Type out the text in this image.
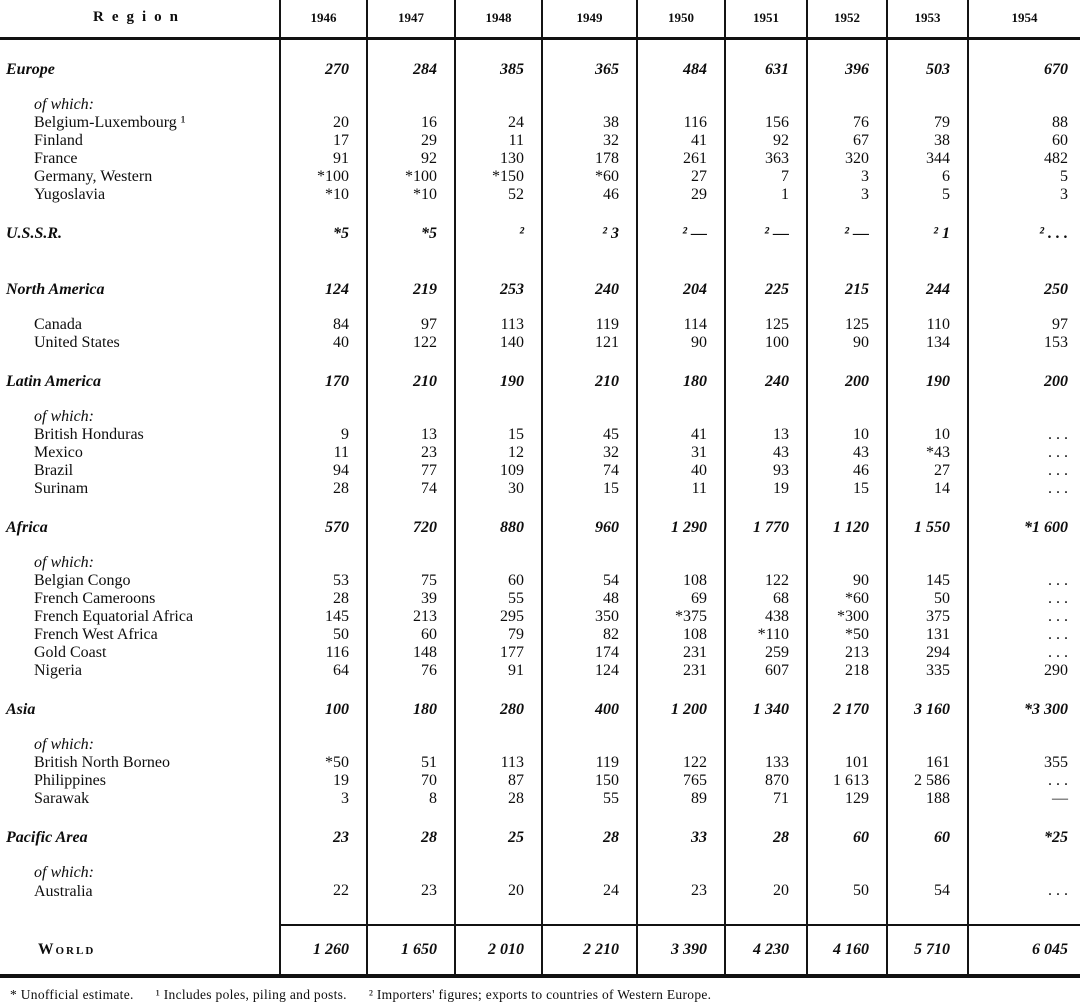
Region	1946	1947	1948	1949	1950	1951	1952	1953	1954
Europe	270	284	385	365	484	631	396	503	670
of which:									
Belgium-Luxembourg ¹	20	16	24	38	116	156	76	79	88
Finland	17	29	11	32	41	92	67	38	60
France	91	92	130	178	261	363	320	344	482
Germany, Western	*100	*100	*150	*60	27	7	3	6	5
Yugoslavia	*10	*10	52	46	29	1	3	5	3
U.S.S.R.	*5	*5	²	² 3	² —	² —	² —	² 1	² . . .
North America	124	219	253	240	204	225	215	244	250
Canada	84	97	113	119	114	125	125	110	97
United States	40	122	140	121	90	100	90	134	153
Latin America	170	210	190	210	180	240	200	190	200
of which:									
British Honduras	9	13	15	45	41	13	10	10	. . .
Mexico	11	23	12	32	31	43	43	*43	. . .
Brazil	94	77	109	74	40	93	46	27	. . .
Surinam	28	74	30	15	11	19	15	14	. . .
Africa	570	720	880	960	1 290	1 770	1 120	1 550	*1 600
of which:									
Belgian Congo	53	75	60	54	108	122	90	145	. . .
French Cameroons	28	39	55	48	69	68	*60	50	. . .
French Equatorial Africa	145	213	295	350	*375	438	*300	375	. . .
French West Africa	50	60	79	82	108	*110	*50	131	. . .
Gold Coast	116	148	177	174	231	259	213	294	. . .
Nigeria	64	76	91	124	231	607	218	335	290
Asia	100	180	280	400	1 200	1 340	2 170	3 160	*3 300
of which:									
British North Borneo	*50	51	113	119	122	133	101	161	355
Philippines	19	70	87	150	765	870	1 613	2 586	. . .
Sarawak	3	8	28	55	89	71	129	188	—
Pacific Area	23	28	25	28	33	28	60	60	*25
of which:									
Australia	22	23	20	24	23	20	50	54	. . .
World	1 260	1 650	2 010	2 210	3 390	4 230	4 160	5 710	6 045
* Unofficial estimate. ¹ Includes poles, piling and posts. ² Importers' figures; exports to countries of Western Europe.
